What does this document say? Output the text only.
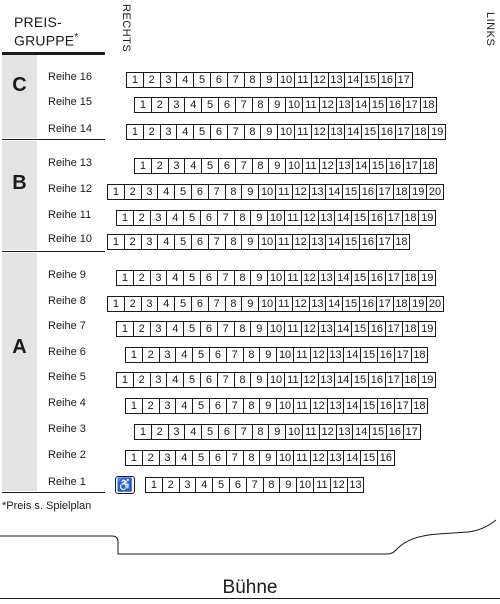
PREIS-
GRUPPE*	RECHTS	LINKS
C
B
A
Reihe 16	1 2 3 4 5 6 7 8 9 10 11 12 13 14 15 16 17
Reihe 15	1 2 3 4 5 6 7 8 9 10 11 12 13 14 15 16 17 18
Reihe 14	1 2 3 4 5 6 7 8 9 10 11 12 13 14 15 16 17 18 19
Reihe 13	1 2 3 4 5 6 7 8 9 10 11 12 13 14 15 16 17 18
Reihe 12	1 2 3 4 5 6 7 8 9 10 11 12 13 14 15 16 17 18 19 20
Reihe 11	1 2 3 4 5 6 7 8 9 10 11 12 13 14 15 16 17 18 19
Reihe 10	1 2 3 4 5 6 7 8 9 10 11 12 13 14 15 16 17 18
Reihe 9	1 2 3 4 5 6 7 8 9 10 11 12 13 14 15 16 17 18 19
Reihe 8	1 2 3 4 5 6 7 8 9 10 11 12 13 14 15 16 17 18 19 20
Reihe 7	1 2 3 4 5 6 7 8 9 10 11 12 13 14 15 16 17 18 19
Reihe 6	1 2 3 4 5 6 7 8 9 10 11 12 13 14 15 16 17 18
Reihe 5	1 2 3 4 5 6 7 8 9 10 11 12 13 14 15 16 17 18 19
Reihe 4	1 2 3 4 5 6 7 8 9 10 11 12 13 14 15 16 17 18
Reihe 3	1 2 3 4 5 6 7 8 9 10 11 12 13 14 15 16 17
Reihe 2	1 2 3 4 5 6 7 8 9 10 11 12 13 14 15 16
Reihe 1 ♿	1 2 3 4 5 6 7 8 9 10 11 12 13
*Preis s. Spielplan
Bühne
